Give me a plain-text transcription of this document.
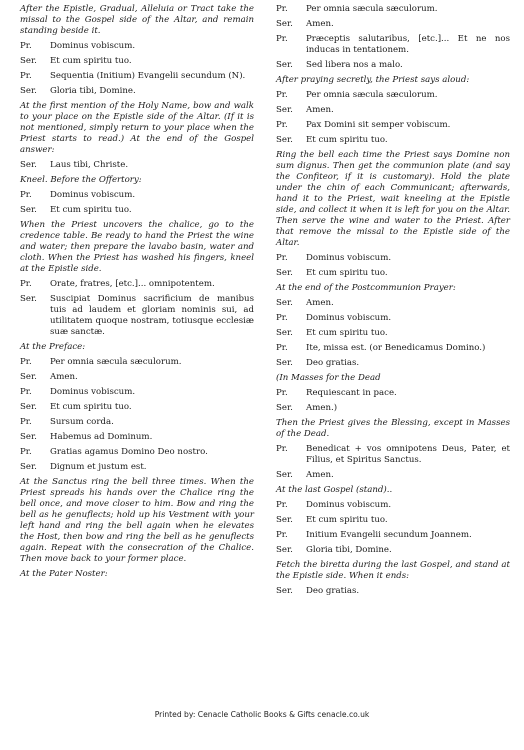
After the Epistle, Gradual, Alleluia or Tract take the missal to the Gospel side of the Altar, and remain standing beside it.
Pr.	Dominus vobiscum.
Ser.	Et cum spiritu tuo.
Pr.	Sequentia (Initium) Evangelii secundum (N).
Ser.	Gloria tibi, Domine.
At the first mention of the Holy Name, bow and walk to your place on the Epistle side of the Altar. (If it is not mentioned, simply return to your place when the Priest starts to read.) At the end of the Gospel answer:
Ser.	Laus tibi, Christe.
Kneel. Before the Offertory:
Pr.	Dominus vobiscum.
Ser.	Et cum spiritu tuo.
When the Priest uncovers the chalice, go to the credence table. Be ready to hand the Priest the wine and water; then prepare the lavabo basin, water and cloth. When the Priest has washed his fingers, kneel at the Epistle side.
Pr.	Orate, fratres, [etc.]... omnipotentem.
Ser.	Suscipiat Dominus sacrificium de manibus tuis ad laudem et gloriam nominis sui, ad utilitatem quoque nostram, totiusque ecclesiæ suæ sanctæ.
At the Preface:
Pr.	Per omnia sæcula sæculorum.
Ser.	Amen.
Pr.	Dominus vobiscum.
Ser.	Et cum spiritu tuo.
Pr.	Sursum corda.
Ser.	Habemus ad Dominum.
Pr.	Gratias agamus Domino Deo nostro.
Ser.	Dignum et justum est.
At the Sanctus ring the bell three times. When the Priest spreads his hands over the Chalice ring the bell once, and move closer to him. Bow and ring the bell as he genuflects; hold up his Vestment with your left hand and ring the bell again when he elevates the Host, then bow and ring the bell as he genuflects again. Repeat with the consecration of the Chalice. Then move back to your former place.
At the Pater Noster:
Pr.	Per omnia sæcula sæculorum.
Ser.	Amen.
Pr.	Præceptis salutaribus, [etc.]... Et ne nos inducas in tentationem.
Ser.	Sed libera nos a malo.
After praying secretly, the Priest says aloud:
Pr.	Per omnia sæcula sæculorum.
Ser.	Amen.
Pr.	Pax Domini sit semper vobiscum.
Ser.	Et cum spiritu tuo.
Ring the bell each time the Priest says Domine non sum dignus. Then get the communion plate (and say the Confiteor, if it is customary). Hold the plate under the chin of each Communicant; afterwards, hand it to the Priest, wait kneeling at the Epistle side, and collect it when it is left for you on the Altar. Then serve the wine and water to the Priest. After that remove the missal to the Epistle side of the Altar.
Pr.	Dominus vobiscum.
Ser.	Et cum spiritu tuo.
At the end of the Postcommunion Prayer:
Ser.	Amen.
Pr.	Dominus vobiscum.
Ser.	Et cum spiritu tuo.
Pr.	Ite, missa est. (or Benedicamus Domino.)
Ser.	Deo gratias.
(In Masses for the Dead
Pr.	Requiescant in pace.
Ser.	Amen.)
Then the Priest gives the Blessing, except in Masses of the Dead.
Pr.	Benedicat + vos omnipotens Deus, Pater, et Filius, et Spiritus Sanctus.
Ser.	Amen.
At the last Gospel (stand)..
Pr.	Dominus vobiscum.
Ser.	Et cum spiritu tuo.
Pr.	Initium Evangelii secundum Joannem.
Ser.	Gloria tibi, Domine.
Fetch the biretta during the last Gospel, and stand at the Epistle side. When it ends:
Ser.	Deo gratias.
Printed by: Cenacle Catholic Books & Gifts cenacle.co.uk
